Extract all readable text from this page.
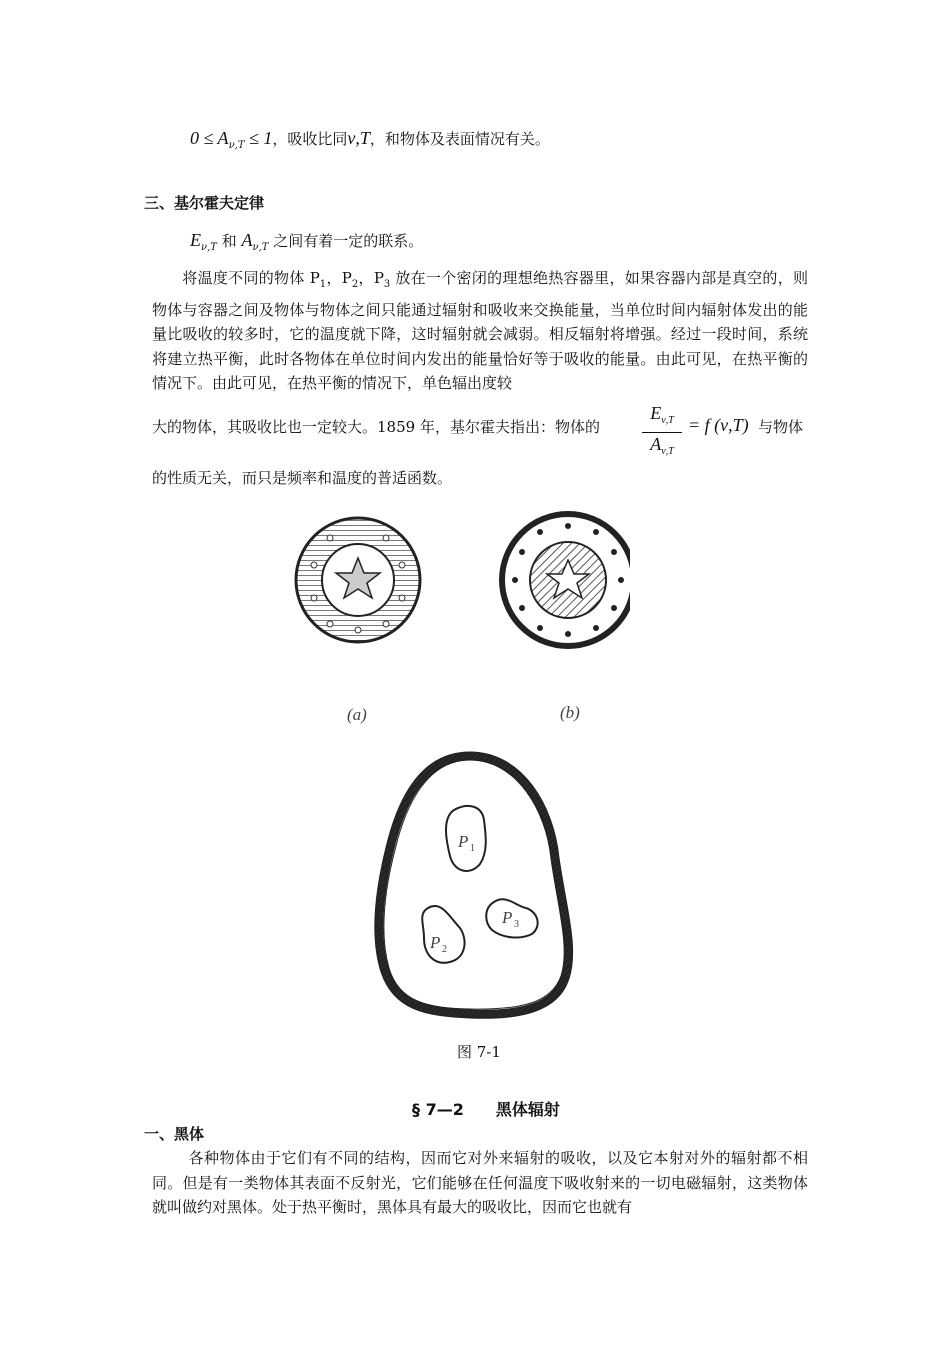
$0 \le A_{\nu,T} \le 1$，吸收比同ν,T，和物体及表面情况有关。
三、基尔霍夫定律
$E_{\nu,T}$ 和 $A_{\nu,T}$ 之间有着一定的联系。
将温度不同的物体 $P_1$，$P_2$，$P_3$ 放在一个密闭的理想绝热容器里，如果容器内部是真空的，则物体与容器之间及物体与物体之间只能通过辐射和吸收来交换能量，当单位时间内辐射体发出的能量比吸收的较多时，它的温度就下降，这时辐射就会减弱。相反辐射将增强。经过一段时间，系统将建立热平衡，此时各物体在单位时间内发出的能量恰好等于吸收的能量。由此可见，在热平衡的情况下。由此可见，在热平衡的情况下，单色辐出度较
大的物体，其吸收比也一定较大。1859 年，基尔霍夫指出：物体的
$E_{\nu,T}$
$A_{\nu,T}$
= f (ν,T) 与物体
的性质无关，而只是频率和温度的普适函数。
(a)	(b)
P 1
P 2
P 3
图 7-1
§ 7—2　　黑体辐射
一、黑体
各种物体由于它们有不同的结构，因而它对外来辐射的吸收，以及它本射对外的辐射都不相同。但是有一类物体其表面不反射光，它们能够在任何温度下吸收射来的一切电磁辐射，这类物体就叫做约对黑体。处于热平衡时，黑体具有最大的吸收比，因而它也就有
